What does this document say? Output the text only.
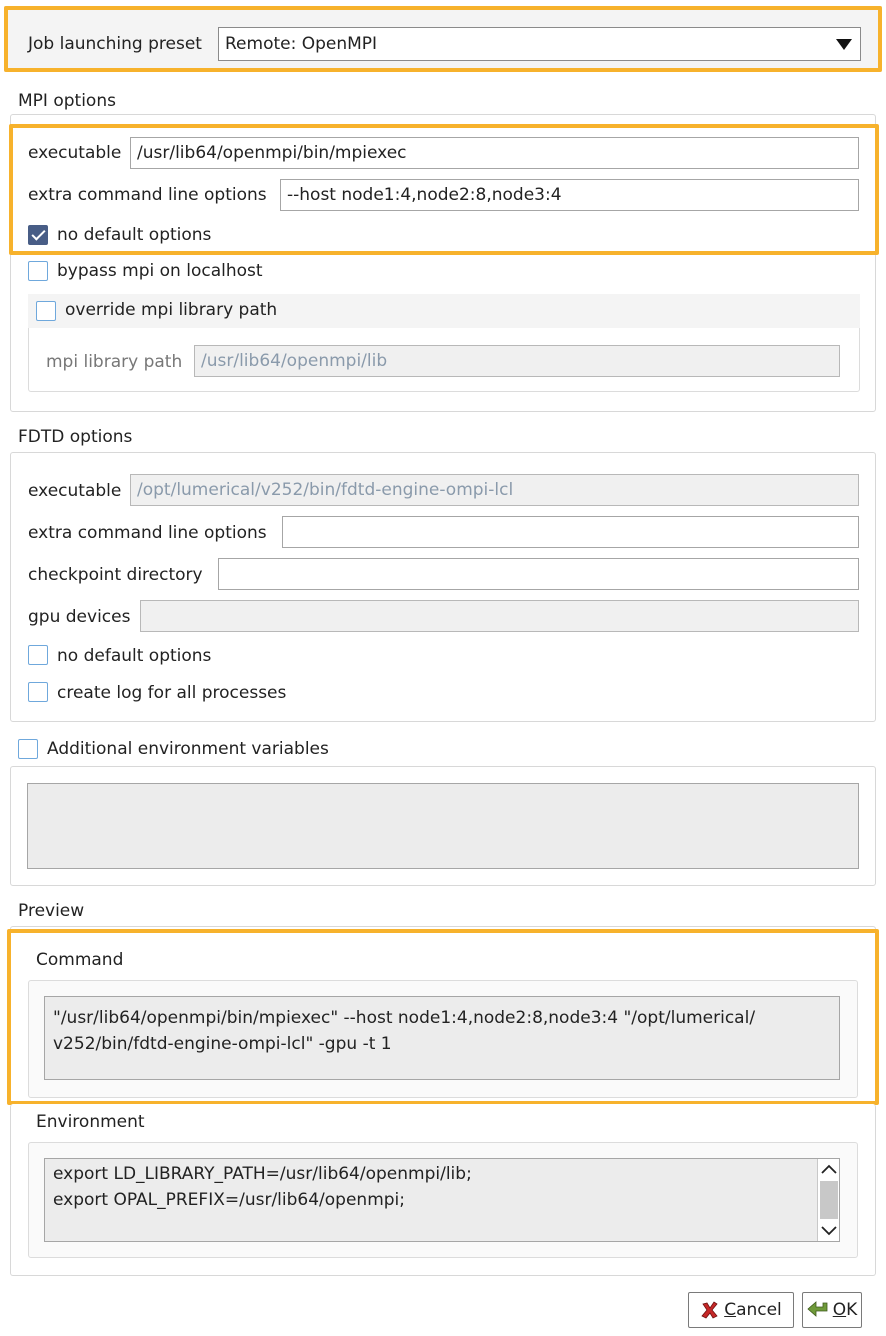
Job launching preset	Remote: OpenMPI
MPI options
executable /usr/lib64/openmpi/bin/mpiexec
extra command line options	--host node1:4,node2:8,node3:4
no default options
bypass mpi on localhost
override mpi library path
mpi library path	/usr/lib64/openmpi/lib
FDTD options
executable /opt/lumerical/v252/bin/fdtd-engine-ompi-lcl
extra command line options
checkpoint directory
gpu devices
no default options
create log for all processes
Additional environment variables
Preview
Command
"/usr/lib64/openmpi/bin/mpiexec" --host node1:4,node2:8,node3:4 "/opt/lumerical/
v252/bin/fdtd-engine-ompi-lcl" -gpu -t 1
Environment
export LD_LIBRARY_PATH=/usr/lib64/openmpi/lib;
export OPAL_PREFIX=/usr/lib64/openmpi;
Cancel	OK
